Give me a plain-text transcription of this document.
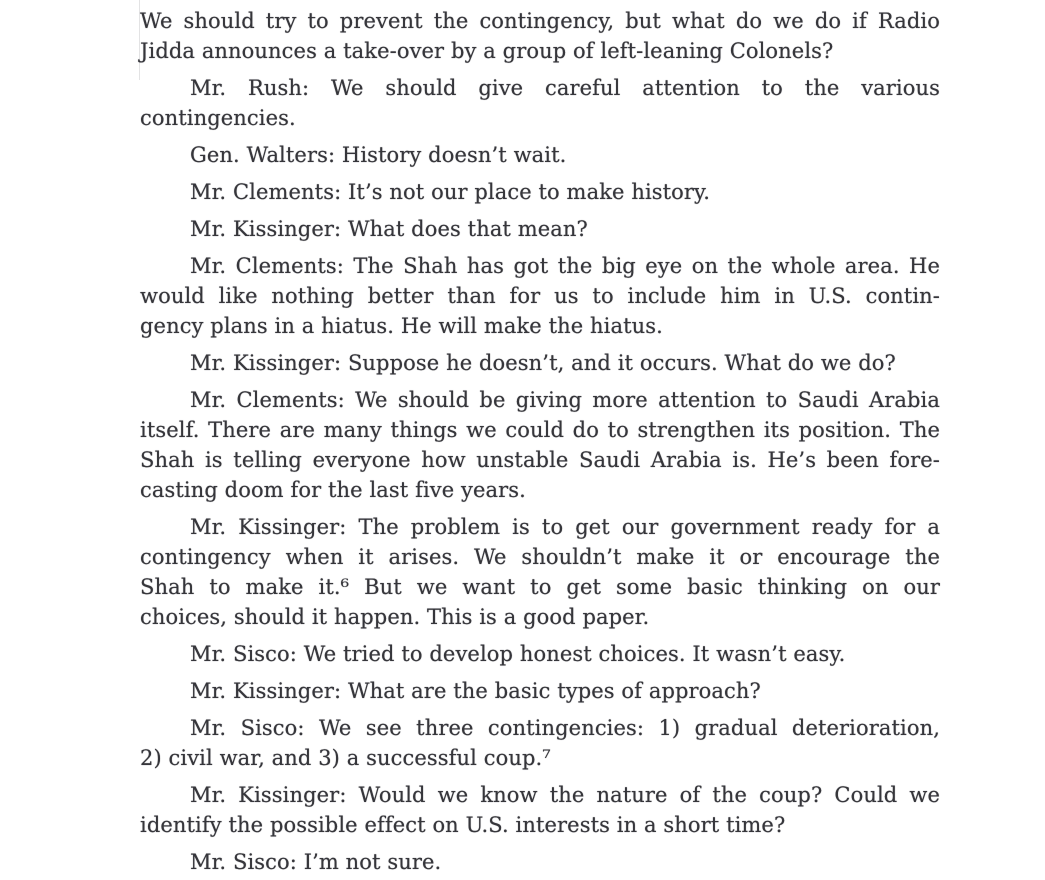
We should try to prevent the contingency, but what do we do if Radio
Jidda announces a take-over by a group of left-leaning Colonels?
Mr. Rush: We should give careful attention to the various
contingencies.
Gen. Walters: History doesn’t wait.
Mr. Clements: It’s not our place to make history.
Mr. Kissinger: What does that mean?
Mr. Clements: The Shah has got the big eye on the whole area. He
would like nothing better than for us to include him in U.S. contin-
gency plans in a hiatus. He will make the hiatus.
Mr. Kissinger: Suppose he doesn’t, and it occurs. What do we do?
Mr. Clements: We should be giving more attention to Saudi Arabia
itself. There are many things we could do to strengthen its position. The
Shah is telling everyone how unstable Saudi Arabia is. He’s been fore-
casting doom for the last five years.
Mr. Kissinger: The problem is to get our government ready for a
contingency when it arises. We shouldn’t make it or encourage the
Shah to make it.⁶ But we want to get some basic thinking on our
choices, should it happen. This is a good paper.
Mr. Sisco: We tried to develop honest choices. It wasn’t easy.
Mr. Kissinger: What are the basic types of approach?
Mr. Sisco: We see three contingencies: 1) gradual deterioration,
2) civil war, and 3) a successful coup.⁷
Mr. Kissinger: Would we know the nature of the coup? Could we
identify the possible effect on U.S. interests in a short time?
Mr. Sisco: I’m not sure.
